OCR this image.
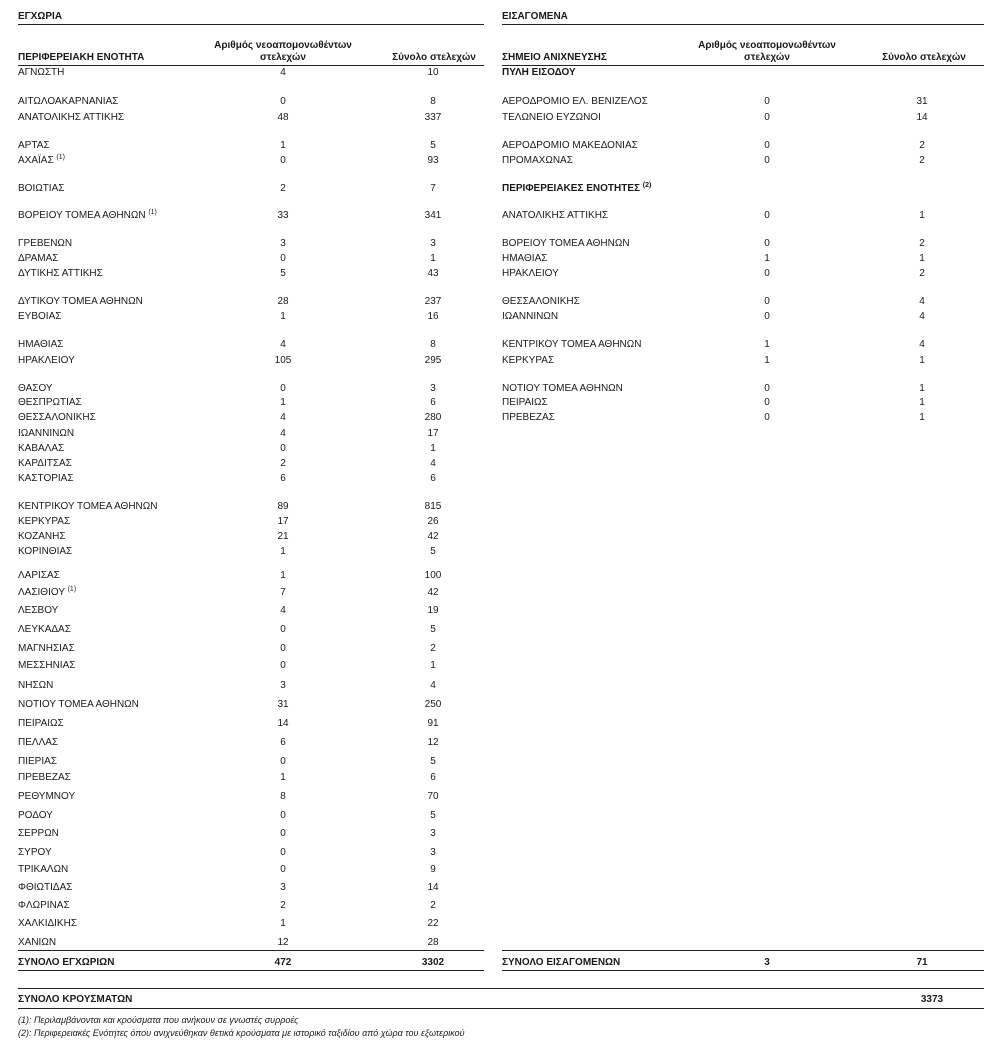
ΕΓΧΩΡΙΑ
ΠΕΡΙΦΕΡΕΙΑΚΗ ΕΝΟΤΗΤΑ
Αριθμός νεοαπομονωθέντων
στελεχών	Σύνολο στελεχών
ΑΓΝΩΣΤΗ	4	10
ΑΙΤΩΛΟΑΚΑΡΝΑΝΙΑΣ	0	8
ΑΝΑΤΟΛΙΚΗΣ ΑΤΤΙΚΗΣ	48	337
ΑΡΤΑΣ	1	5
ΑΧΑΪΑΣ $^{(1)}$	0	93
ΒΟΙΩΤΙΑΣ	2	7
ΒΟΡΕΙΟΥ ΤΟΜΕΑ ΑΘΗΝΩΝ $^{(1)}$	33	341
ΓΡΕΒΕΝΩΝ	3	3
ΔΡΑΜΑΣ	0	1
ΔΥΤΙΚΗΣ ΑΤΤΙΚΗΣ	5	43
ΔΥΤΙΚΟΥ ΤΟΜΕΑ ΑΘΗΝΩΝ	28	237
ΕΥΒΟΙΑΣ	1	16
ΗΜΑΘΙΑΣ	4	8
ΗΡΑΚΛΕΙΟΥ	105	295
ΘΑΣΟΥ	0	3
ΘΕΣΠΡΩΤΙΑΣ	1	6
ΘΕΣΣΑΛΟΝΙΚΗΣ	4	280
ΙΩΑΝΝΙΝΩΝ	4	17
ΚΑΒΑΛΑΣ	0	1
ΚΑΡΔΙΤΣΑΣ	2	4
ΚΑΣΤΟΡΙΑΣ	6	6
ΚΕΝΤΡΙΚΟΥ ΤΟΜΕΑ ΑΘΗΝΩΝ	89	815
ΚΕΡΚΥΡΑΣ	17	26
ΚΟΖΑΝΗΣ	21	42
ΚΟΡΙΝΘΙΑΣ	1	5
ΛΑΡΙΣΑΣ	1	100
ΛΑΣΙΘΙΟΥ $^{(1)}$	7	42
ΛΕΣΒΟΥ	4	19
ΛΕΥΚΑΔΑΣ	0	5
ΜΑΓΝΗΣΙΑΣ	0	2
ΜΕΣΣΗΝΙΑΣ	0	1
ΝΗΣΩΝ	3	4
ΝΟΤΙΟΥ ΤΟΜΕΑ ΑΘΗΝΩΝ	31	250
ΠΕΙΡΑΙΩΣ	14	91
ΠΕΛΛΑΣ	6	12
ΠΙΕΡΙΑΣ	0	5
ΠΡΕΒΕΖΑΣ	1	6
ΡΕΘΥΜΝΟΥ	8	70
ΡΟΔΟΥ	0	5
ΣΕΡΡΩΝ	0	3
ΣΥΡΟΥ	0	3
ΤΡΙΚΑΛΩΝ	0	9
ΦΘΙΩΤΙΔΑΣ	3	14
ΦΛΩΡΙΝΑΣ	2	2
ΧΑΛΚΙΔΙΚΗΣ	1	22
ΧΑΝΙΩΝ	12	28
ΣΥΝΟΛΟ ΕΓΧΩΡΙΩΝ	472	3302
ΕΙΣΑΓΟΜΕΝΑ
ΣΗΜΕΙΟ ΑΝΙΧΝΕΥΣΗΣ
Αριθμός νεοαπομονωθέντων
στελεχών	Σύνολο στελεχών
ΠΥΛΗ ΕΙΣΟΔΟΥ
ΑΕΡΟΔΡΟΜΙΟ ΕΛ. ΒΕΝΙΖΕΛΟΣ	0	31
ΤΕΛΩΝΕΙΟ ΕΥΖΩΝΟΙ	0	14
ΑΕΡΟΔΡΟΜΙΟ ΜΑΚΕΔΟΝΙΑΣ	0	2
ΠΡΟΜΑΧΩΝΑΣ	0	2
ΠΕΡΙΦΕΡΕΙΑΚΕΣ ΕΝΟΤΗΤΕΣ $^{(2)}$
ΑΝΑΤΟΛΙΚΗΣ ΑΤΤΙΚΗΣ	0	1
ΒΟΡΕΙΟΥ ΤΟΜΕΑ ΑΘΗΝΩΝ	0	2
ΗΜΑΘΙΑΣ	1	1
ΗΡΑΚΛΕΙΟΥ	0	2
ΘΕΣΣΑΛΟΝΙΚΗΣ	0	4
ΙΩΑΝΝΙΝΩΝ	0	4
ΚΕΝΤΡΙΚΟΥ ΤΟΜΕΑ ΑΘΗΝΩΝ	1	4
ΚΕΡΚΥΡΑΣ	1	1
ΝΟΤΙΟΥ ΤΟΜΕΑ ΑΘΗΝΩΝ	0	1
ΠΕΙΡΑΙΩΣ	0	1
ΠΡΕΒΕΖΑΣ	0	1
ΣΥΝΟΛΟ ΕΙΣΑΓΟΜΕΝΩΝ	3	71
ΣΥΝΟΛΟ ΚΡΟΥΣΜΑΤΩΝ	3373
(1): Περιλαμβάνονται και κρούσματα που ανήκουν σε γνωστές συρροές
(2): Περιφερειακές Ενότητες όπου ανιχνεύθηκαν θετικά κρούσματα με ιστορικό ταξιδίου από χώρα του εξωτερικού
